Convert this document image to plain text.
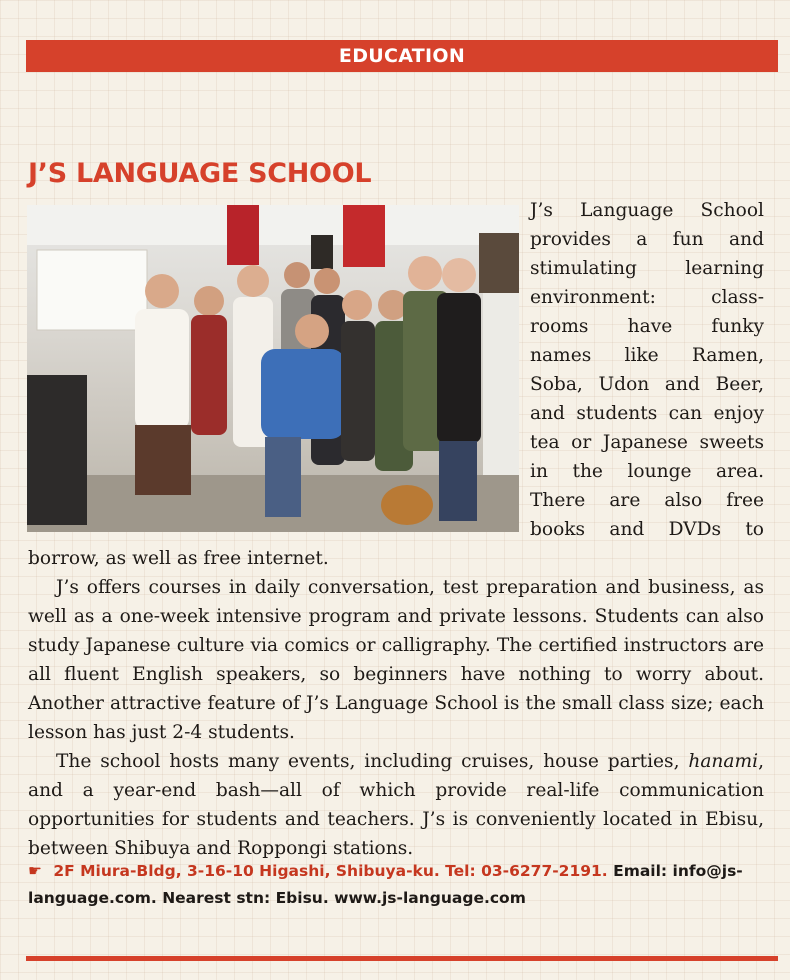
EDUCATION
J’S LANGUAGE SCHOOL

J’s Language School provides a fun and stimulating learning environment: class-rooms have funky names like Ramen, Soba, Udon and Beer, and students can enjoy tea or Japanese sweets in the lounge area. There are also free books and DVDs to borrow, as well as free internet.

J’s offers courses in daily conversation, test preparation and business, as well as a one-week intensive program and private lessons. Students can also study Japanese culture via comics or calligraphy. The certified instructors are all fluent English speakers, so beginners have nothing to worry about. Another attractive feature of J’s Language School is the small class size; each lesson has just 2-4 students.

The school hosts many events, including cruises, house parties, hanami, and a year-end bash—all of which provide real-life communication opportunities for students and teachers. J’s is conveniently located in Ebisu, between Shibuya and Roppongi stations.

☛ 2F Miura-Bldg, 3-16-10 Higashi, Shibuya-ku. Tel: 03-6277-2191. Email: info@js-language.com. Nearest stn: Ebisu. www.js-language.com
